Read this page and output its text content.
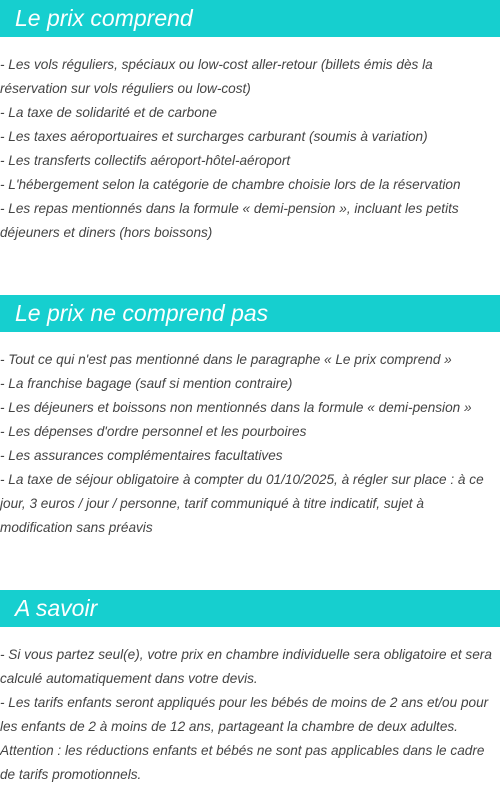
Le prix comprend
- Les vols réguliers, spéciaux ou low-cost aller-retour (billets émis dès la réservation sur vols réguliers ou low-cost)
- La taxe de solidarité et de carbone
- Les taxes aéroportuaires et surcharges carburant (soumis à variation)
- Les transferts collectifs aéroport-hôtel-aéroport
- L'hébergement selon la catégorie de chambre choisie lors de la réservation
- Les repas mentionnés dans la formule « demi-pension », incluant les petits déjeuners et diners (hors boissons)
Le prix ne comprend pas
- Tout ce qui n'est pas mentionné dans le paragraphe « Le prix comprend »
- La franchise bagage (sauf si mention contraire)
- Les déjeuners et boissons non mentionnés dans la formule « demi-pension »
- Les dépenses d'ordre personnel et les pourboires
- Les assurances complémentaires facultatives
- La taxe de séjour obligatoire à compter du 01/10/2025, à régler sur place : à ce jour, 3 euros / jour / personne, tarif communiqué à titre indicatif, sujet à modification sans préavis
A savoir
- Si vous partez seul(e), votre prix en chambre individuelle sera obligatoire et sera calculé automatiquement dans votre devis.
- Les tarifs enfants seront appliqués pour les bébés de moins de 2 ans et/ou pour les enfants de 2 à moins de 12 ans, partageant la chambre de deux adultes.
Attention : les réductions enfants et bébés ne sont pas applicables dans le cadre de tarifs promotionnels.
